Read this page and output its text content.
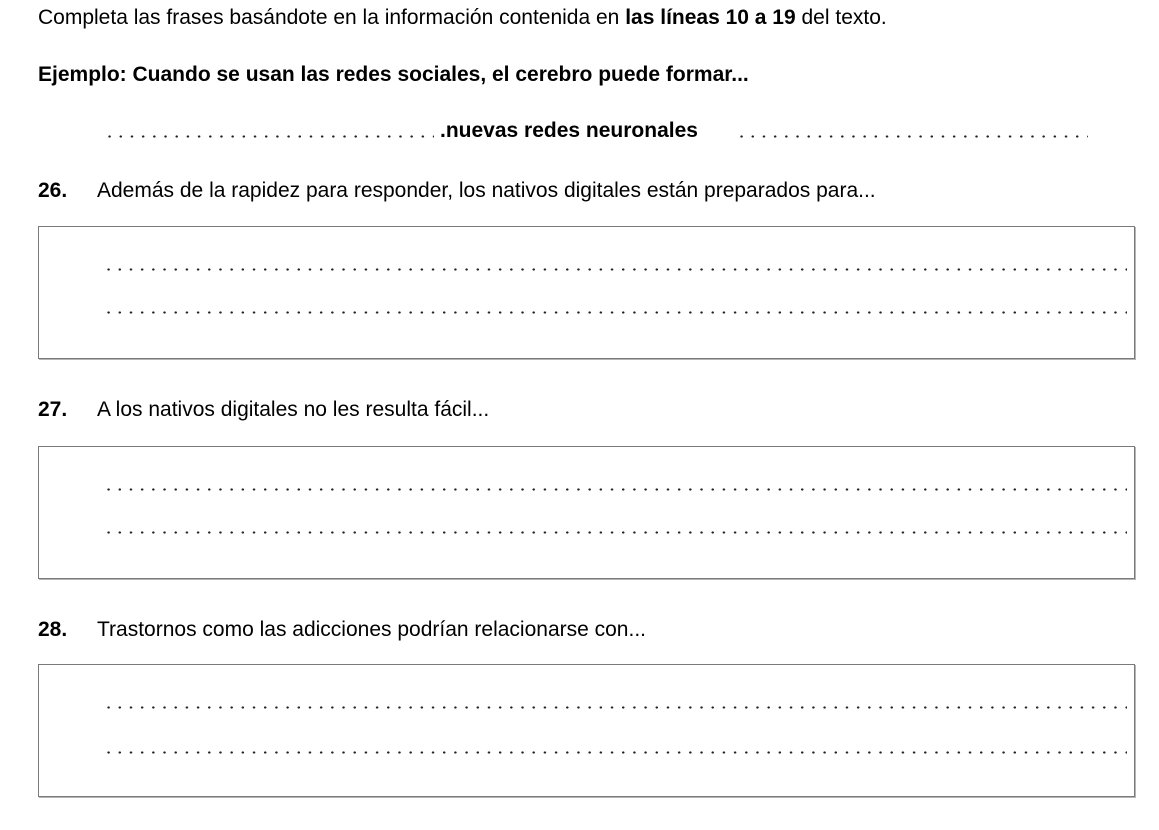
Completa las frases basándote en la información contenida en las líneas 10 a 19 del texto.
Ejemplo: Cuando se usan las redes sociales, el cerebro puede formar...
.nuevas redes neuronales
26. Además de la rapidez para responder, los nativos digitales están preparados para...
27. A los nativos digitales no les resulta fácil...
28. Trastornos como las adicciones podrían relacionarse con...
